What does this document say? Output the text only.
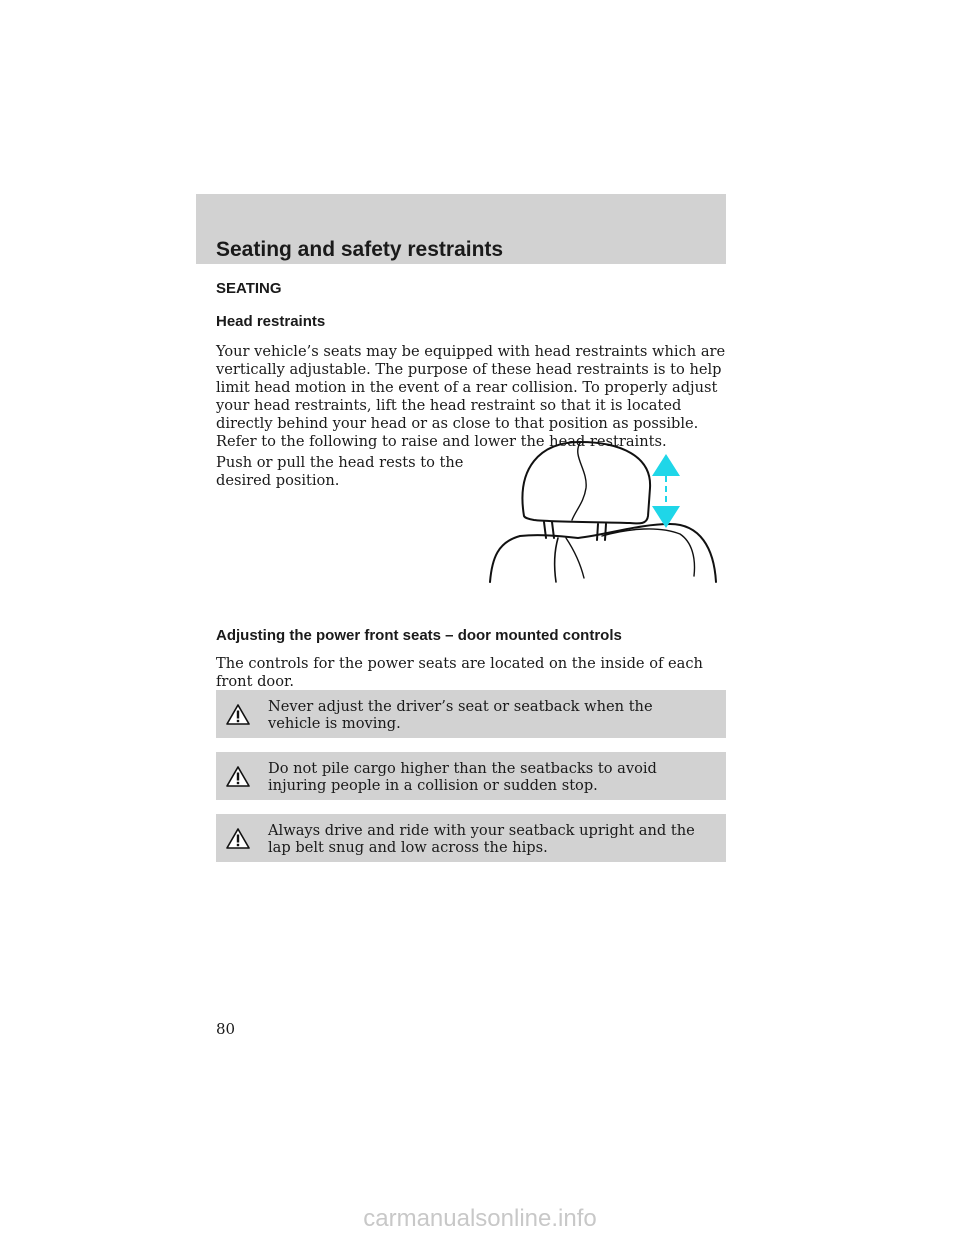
Seating and safety restraints

SEATING

Head restraints

Your vehicle’s seats may be equipped with head restraints which are vertically adjustable. The purpose of these head restraints is to help limit head motion in the event of a rear collision. To properly adjust your head restraints, lift the head restraint so that it is located directly behind your head or as close to that position as possible. Refer to the following to raise and lower the head restraints.

Push or pull the head rests to the desired position.

Adjusting the power front seats – door mounted controls

The controls for the power seats are located on the inside of each front door.

Never adjust the driver’s seat or seatback when the vehicle is moving.

Do not pile cargo higher than the seatbacks to avoid injuring people in a collision or sudden stop.

Always drive and ride with your seatback upright and the lap belt snug and low across the hips.

80

carmanualsonline.info
